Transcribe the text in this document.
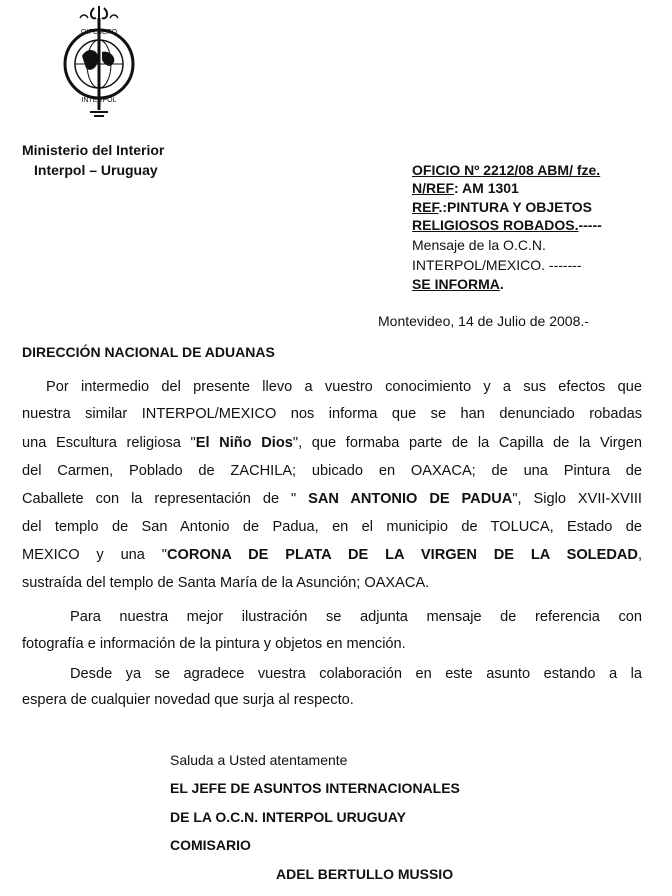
OIPC ICPO
INTERPOL
Ministerio del Interior
Interpol – Uruguay	OFICIO Nº 2212/08 ABM/ fze.
N/REF: AM 1301
REF.:PINTURA Y OBJETOS
RELIGIOSOS ROBADOS.-----
Mensaje de la O.C.N.
INTERPOL/MEXICO. -------
SE INFORMA.
Montevideo, 14 de Julio de 2008.-
DIRECCIÓN NACIONAL DE ADUANAS
Por intermedio del presente llevo a vuestro conocimiento y a sus efectos que
nuestra similar INTERPOL/MEXICO nos informa que se han denunciado robadas
una Escultura religiosa "El Niño Dios", que formaba parte de la Capilla de la Virgen
del Carmen, Poblado de ZACHILA; ubicado en OAXACA; de una Pintura de
Caballete con la representación de " SAN ANTONIO DE PADUA", Siglo XVII-XVIII
del templo de San Antonio de Padua, en el municipio de TOLUCA, Estado de
MEXICO y una "CORONA DE PLATA DE LA VIRGEN DE LA SOLEDAD,
sustraída del templo de Santa María de la Asunción; OAXACA.
Para nuestra mejor ilustración se adjunta mensaje de referencia con
fotografía e información de la pintura y objetos en mención.
Desde ya se agradece vuestra colaboración en este asunto estando a la
espera de cualquier novedad que surja al respecto.
Saluda a Usted atentamente
EL JEFE DE ASUNTOS INTERNACIONALES
DE LA O.C.N. INTERPOL URUGUAY
COMISARIO
ADEL BERTULLO MUSSIO
